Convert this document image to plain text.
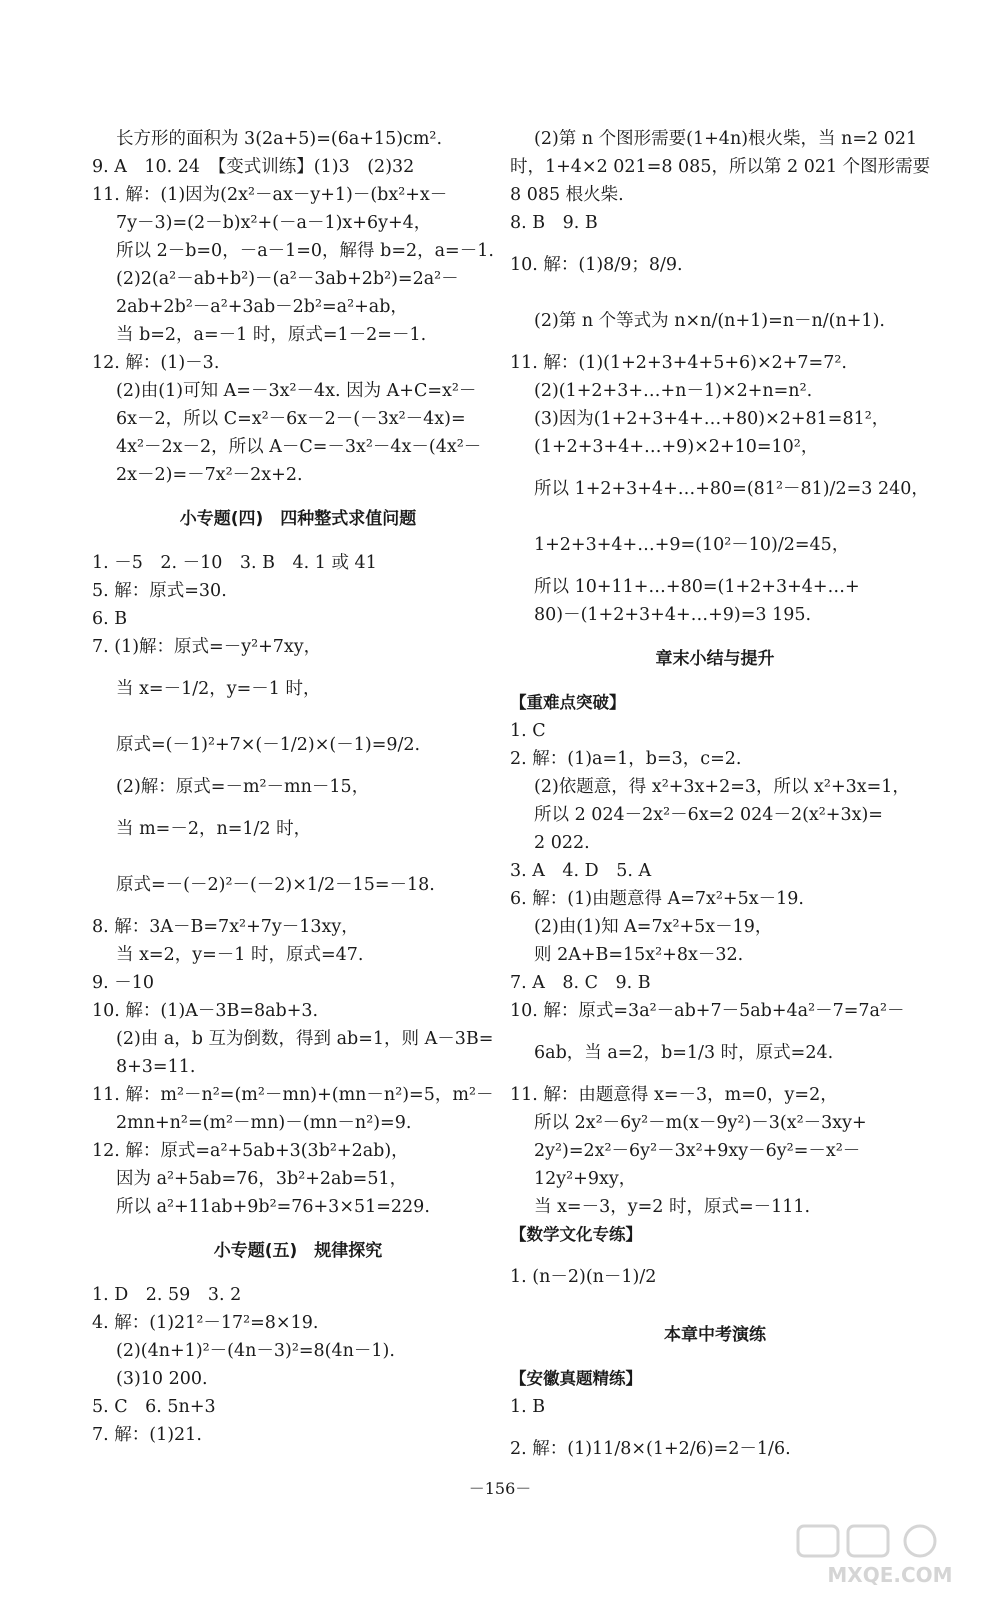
长方形的面积为 3(2a+5)=(6a+15)cm².
9. A　10. 24　【变式训练】(1)3　(2)32
11. 解：(1)因为(2x²－ax－y+1)－(bx²+x－
7y－3)=(2－b)x²+(－a－1)x+6y+4，
所以 2－b=0，－a－1=0，解得 b=2，a=－1.
(2)2(a²－ab+b²)－(a²－3ab+2b²)=2a²－
2ab+2b²－a²+3ab－2b²=a²+ab，
当 b=2，a=－1 时，原式=1－2=－1.
12. 解：(1)－3.
(2)由(1)可知 A=－3x²－4x. 因为 A+C=x²－
6x－2，所以 C=x²－6x－2－(－3x²－4x)=
4x²－2x－2，所以 A－C=－3x²－4x－(4x²－
2x－2)=－7x²－2x+2.
小专题(四)　四种整式求值问题
1. －5　2. －10　3. B　4. 1 或 41
5. 解：原式=30.
6. B
7. (1)解：原式=－y²+7xy，
当 x=－1/2，y=－1 时，
原式=(－1)²+7×(－1/2)×(－1)=9/2.
(2)解：原式=－m²－mn－15，
当 m=－2，n=1/2 时，
原式=－(－2)²－(－2)×1/2－15=－18.
8. 解：3A－B=7x²+7y－13xy，
当 x=2，y=－1 时，原式=47.
9. －10
10. 解：(1)A－3B=8ab+3.
(2)由 a，b 互为倒数，得到 ab=1，则 A－3B=
8+3=11.
11. 解：m²－n²=(m²－mn)+(mn－n²)=5，m²－
2mn+n²=(m²－mn)－(mn－n²)=9.
12. 解：原式=a²+5ab+3(3b²+2ab)，
因为 a²+5ab=76，3b²+2ab=51，
所以 a²+11ab+9b²=76+3×51=229.
小专题(五)　规律探究
1. D　2. 59　3. 2
4. 解：(1)21²－17²=8×19.
(2)(4n+1)²－(4n－3)²=8(4n－1).
(3)10 200.
5. C　6. 5n+3
7. 解：(1)21.
(2)第 n 个图形需要(1+4n)根火柴，当 n=2 021
时，1+4×2 021=8 085，所以第 2 021 个图形需要
8 085 根火柴.
8. B　9. B
10. 解：(1)8/9；8/9.
(2)第 n 个等式为 n×n/(n+1)=n－n/(n+1).
11. 解：(1)(1+2+3+4+5+6)×2+7=7².
(2)(1+2+3+…+n－1)×2+n=n².
(3)因为(1+2+3+4+…+80)×2+81=81²，
(1+2+3+4+…+9)×2+10=10²，
所以 1+2+3+4+…+80=(81²－81)/2=3 240，
1+2+3+4+…+9=(10²－10)/2=45，
所以 10+11+…+80=(1+2+3+4+…+
80)－(1+2+3+4+…+9)=3 195.
章末小结与提升
【重难点突破】
1. C
2. 解：(1)a=1，b=3，c=2.
(2)依题意，得 x²+3x+2=3，所以 x²+3x=1，
所以 2 024－2x²－6x=2 024－2(x²+3x)=
2 022.
3. A　4. D　5. A
6. 解：(1)由题意得 A=7x²+5x－19.
(2)由(1)知 A=7x²+5x－19，
则 2A+B=15x²+8x－32.
7. A　8. C　9. B
10. 解：原式=3a²－ab+7－5ab+4a²－7=7a²－
6ab，当 a=2，b=1/3 时，原式=24.
11. 解：由题意得 x=－3，m=0，y=2，
所以 2x²－6y²－m(x－9y²)－3(x²－3xy+
2y²)=2x²－6y²－3x²+9xy－6y²=－x²－
12y²+9xy，
当 x=－3，y=2 时，原式=－111.
【数学文化专练】
1. (n－2)(n－1)/2
本章中考演练
【安徽真题精练】
1. B
2. 解：(1)11/8×(1+2/6)=2－1/6.
－156－
MXQE.COM
